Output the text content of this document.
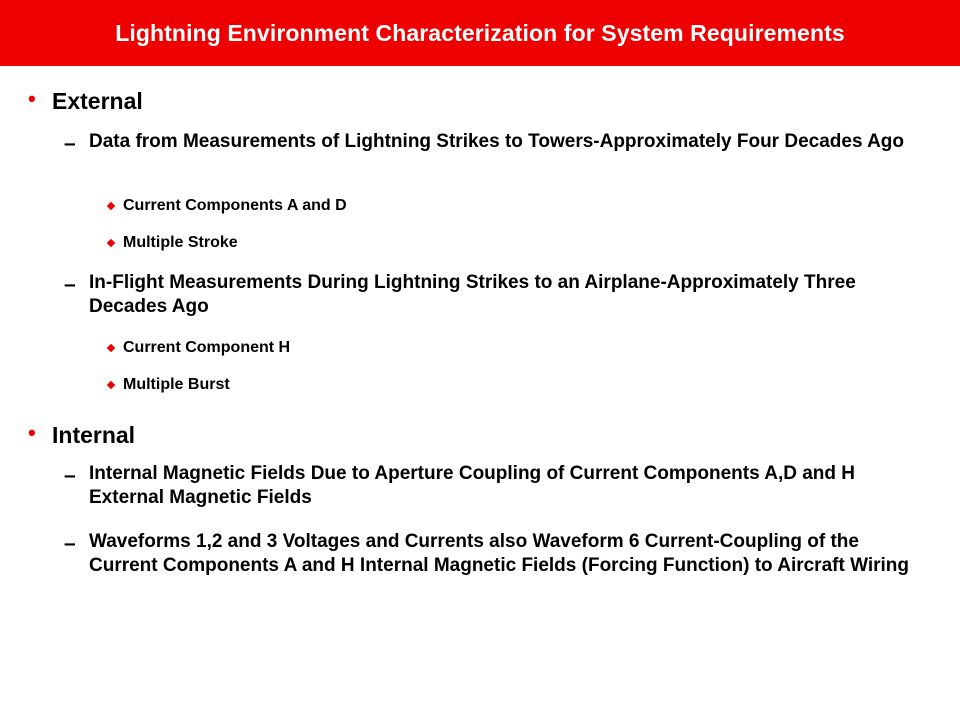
Lightning Environment Characterization for System Requirements
• External
– Data from Measurements of Lightning Strikes to Towers-Approximately Four Decades Ago
Current Components A and D
Multiple Stroke
– In-Flight Measurements During Lightning Strikes to an Airplane-Approximately Three Decades Ago
Current Component H
Multiple Burst
• Internal
– Internal Magnetic Fields Due to Aperture Coupling of Current Components A,D and H External Magnetic Fields
– Waveforms 1,2 and 3 Voltages and Currents also Waveform 6 Current-Coupling of the Current Components A and H Internal Magnetic Fields (Forcing Function) to Aircraft Wiring
